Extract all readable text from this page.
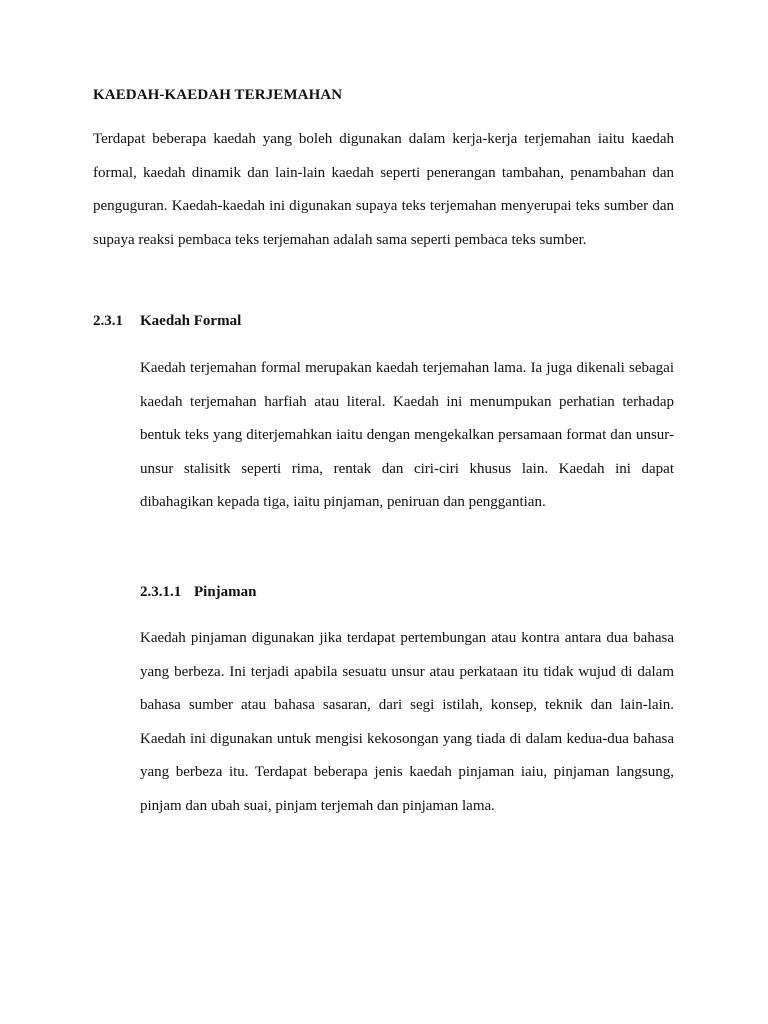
KAEDAH-KAEDAH TERJEMAHAN

Terdapat beberapa kaedah yang boleh digunakan dalam kerja-kerja terjemahan iaitu kaedah formal, kaedah dinamik dan lain-lain kaedah seperti penerangan tambahan, penambahan dan penguguran. Kaedah-kaedah ini digunakan supaya teks terjemahan menyerupai teks sumber dan supaya reaksi pembaca teks terjemahan adalah sama seperti pembaca teks sumber.

2.3.1 Kaedah Formal

Kaedah terjemahan formal merupakan kaedah terjemahan lama. Ia juga dikenali sebagai kaedah terjemahan harfiah atau literal. Kaedah ini menumpukan perhatian terhadap bentuk teks yang diterjemahkan iaitu dengan mengekalkan persamaan format dan unsur-unsur stalisitk seperti rima, rentak dan ciri-ciri khusus lain. Kaedah ini dapat dibahagikan kepada tiga, iaitu pinjaman, peniruan dan penggantian.

2.3.1.1 Pinjaman

Kaedah pinjaman digunakan jika terdapat pertembungan atau kontra antara dua bahasa yang berbeza. Ini terjadi apabila sesuatu unsur atau perkataan itu tidak wujud di dalam bahasa sumber atau bahasa sasaran, dari segi istilah, konsep, teknik dan lain-lain. Kaedah ini digunakan untuk mengisi kekosongan yang tiada di dalam kedua-dua bahasa yang berbeza itu. Terdapat beberapa jenis kaedah pinjaman iaiu, pinjaman langsung, pinjam dan ubah suai, pinjam terjemah dan pinjaman lama.
